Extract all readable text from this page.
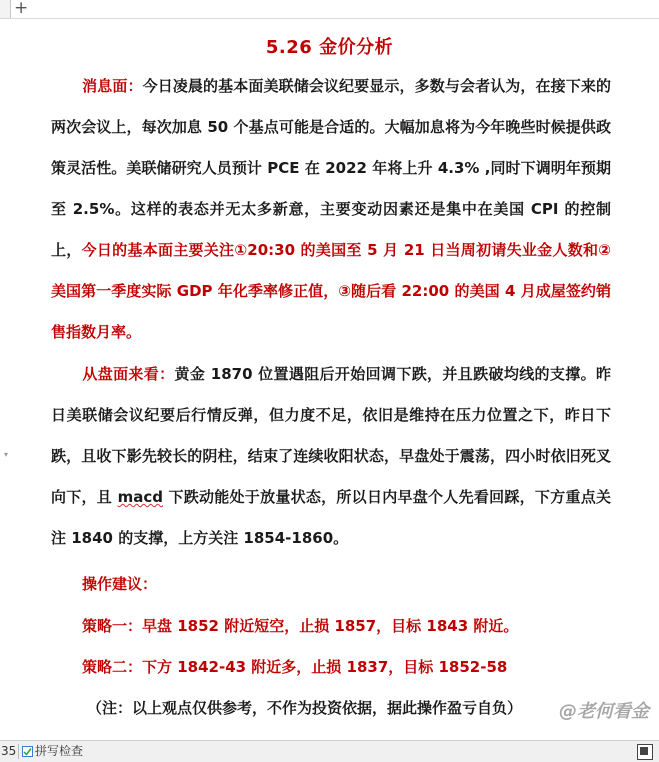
+
5.26 金价分析
消息面：今日凌晨的基本面美联储会议纪要显示，多数与会者认为，在接下来的两次会议上，每次加息 50 个基点可能是合适的。大幅加息将为今年晚些时候提供政策灵活性。美联储研究人员预计 PCE 在 2022 年将上升 4.3% ,同时下调明年预期至 2.5%。这样的表态并无太多新意，主要变动因素还是集中在美国 CPI 的控制上，今日的基本面主要关注①20:30 的美国至 5 月 21 日当周初请失业金人数和②美国第一季度实际 GDP 年化季率修正值，③随后看 22:00 的美国 4 月成屋签约销售指数月率。
从盘面来看：黄金 1870 位置遇阻后开始回调下跌，并且跌破均线的支撑。昨日美联储会议纪要后行情反弹，但力度不足，依旧是维持在压力位置之下，昨日下跌，且收下影先较长的阴柱，结束了连续收阳状态，早盘处于震荡，四小时依旧死叉向下，且 macd 下跌动能处于放量状态，所以日内早盘个人先看回踩，下方重点关注 1840 的支撑，上方关注 1854-1860。
操作建议：
策略一：早盘 1852 附近短空，止损 1857，目标 1843 附近。
策略二：下方 1842-43 附近多，止损 1837，目标 1852-58
（注：以上观点仅供参考，不作为投资依据，据此操作盈亏自负）
▾
@老何看金
35 拼写检查
